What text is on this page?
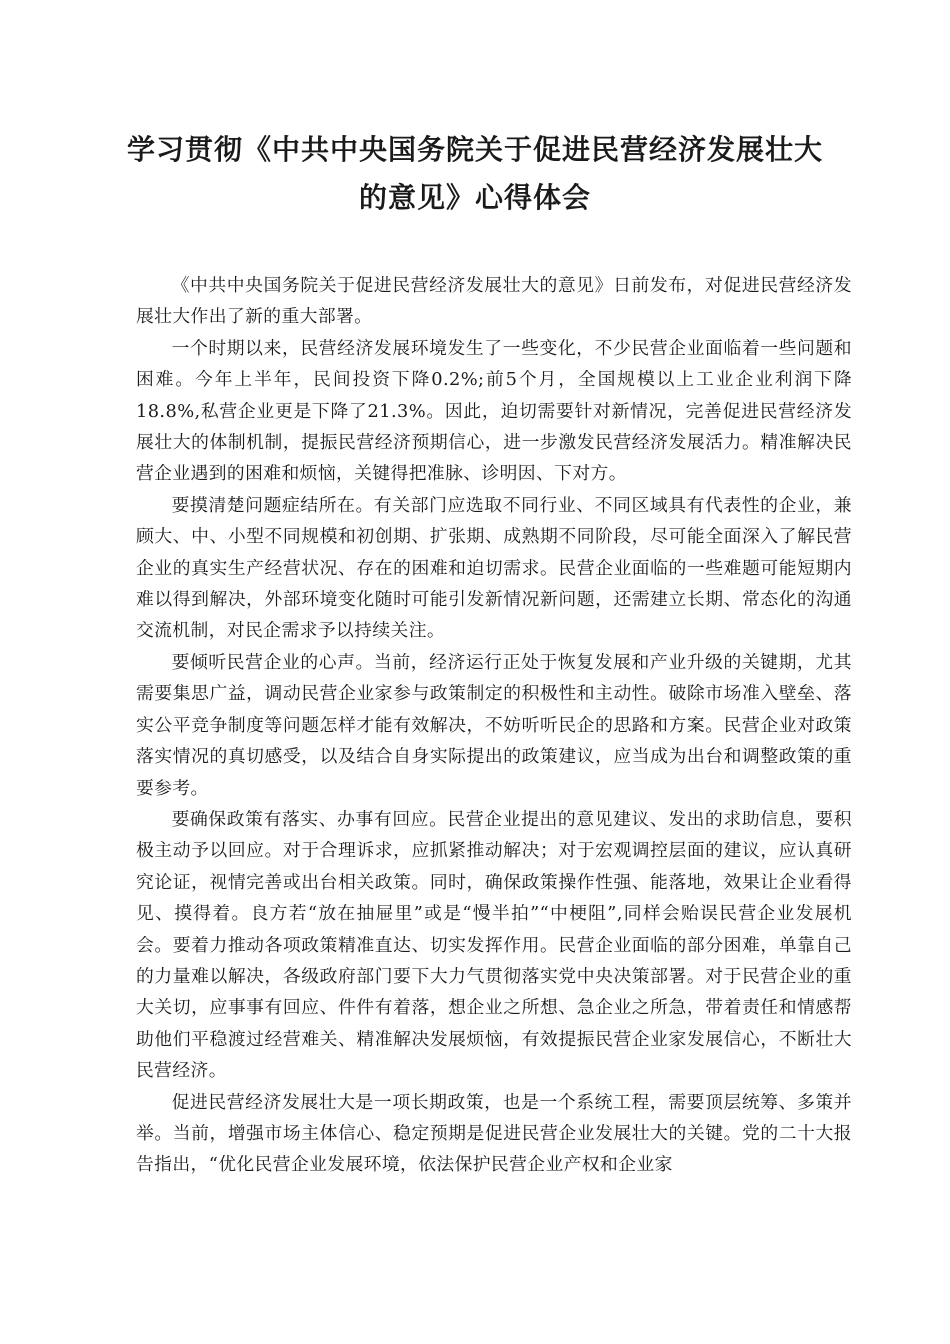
学习贯彻《中共中央国务院关于促进民营经济发展壮大
的意见》心得体会

《中共中央国务院关于促进民营经济发展壮大的意见》日前发布，对促进民营经济发展壮大作出了新的重大部署。

一个时期以来，民营经济发展环境发生了一些变化，不少民营企业面临着一些问题和困难。今年上半年，民间投资下降0.2%;前5个月，全国规模以上工业企业利润下降18.8%,私营企业更是下降了21.3%。因此，迫切需要针对新情况，完善促进民营经济发展壮大的体制机制，提振民营经济预期信心，进一步激发民营经济发展活力。精准解决民营企业遇到的困难和烦恼，关键得把准脉、诊明因、下对方。

要摸清楚问题症结所在。有关部门应选取不同行业、不同区域具有代表性的企业，兼顾大、中、小型不同规模和初创期、扩张期、成熟期不同阶段，尽可能全面深入了解民营企业的真实生产经营状况、存在的困难和迫切需求。民营企业面临的一些难题可能短期内难以得到解决，外部环境变化随时可能引发新情况新问题，还需建立长期、常态化的沟通交流机制，对民企需求予以持续关注。

要倾听民营企业的心声。当前，经济运行正处于恢复发展和产业升级的关键期，尤其需要集思广益，调动民营企业家参与政策制定的积极性和主动性。破除市场准入壁垒、落实公平竞争制度等问题怎样才能有效解决，不妨听听民企的思路和方案。民营企业对政策落实情况的真切感受，以及结合自身实际提出的政策建议，应当成为出台和调整政策的重要参考。

要确保政策有落实、办事有回应。民营企业提出的意见建议、发出的求助信息，要积极主动予以回应。对于合理诉求，应抓紧推动解决；对于宏观调控层面的建议，应认真研究论证，视情完善或出台相关政策。同时，确保政策操作性强、能落地，效果让企业看得见、摸得着。良方若“放在抽屉里”或是“慢半拍”“中梗阻”,同样会贻误民营企业发展机会。要着力推动各项政策精准直达、切实发挥作用。民营企业面临的部分困难，单靠自己的力量难以解决，各级政府部门要下大力气贯彻落实党中央决策部署。对于民营企业的重大关切，应事事有回应、件件有着落，想企业之所想、急企业之所急，带着责任和情感帮助他们平稳渡过经营难关、精准解决发展烦恼，有效提振民营企业家发展信心，不断壮大民营经济。

促进民营经济发展壮大是一项长期政策，也是一个系统工程，需要顶层统筹、多策并举。当前，增强市场主体信心、稳定预期是促进民营企业发展壮大的关键。党的二十大报告指出，“优化民营企业发展环境，依法保护民营企业产权和企业家
